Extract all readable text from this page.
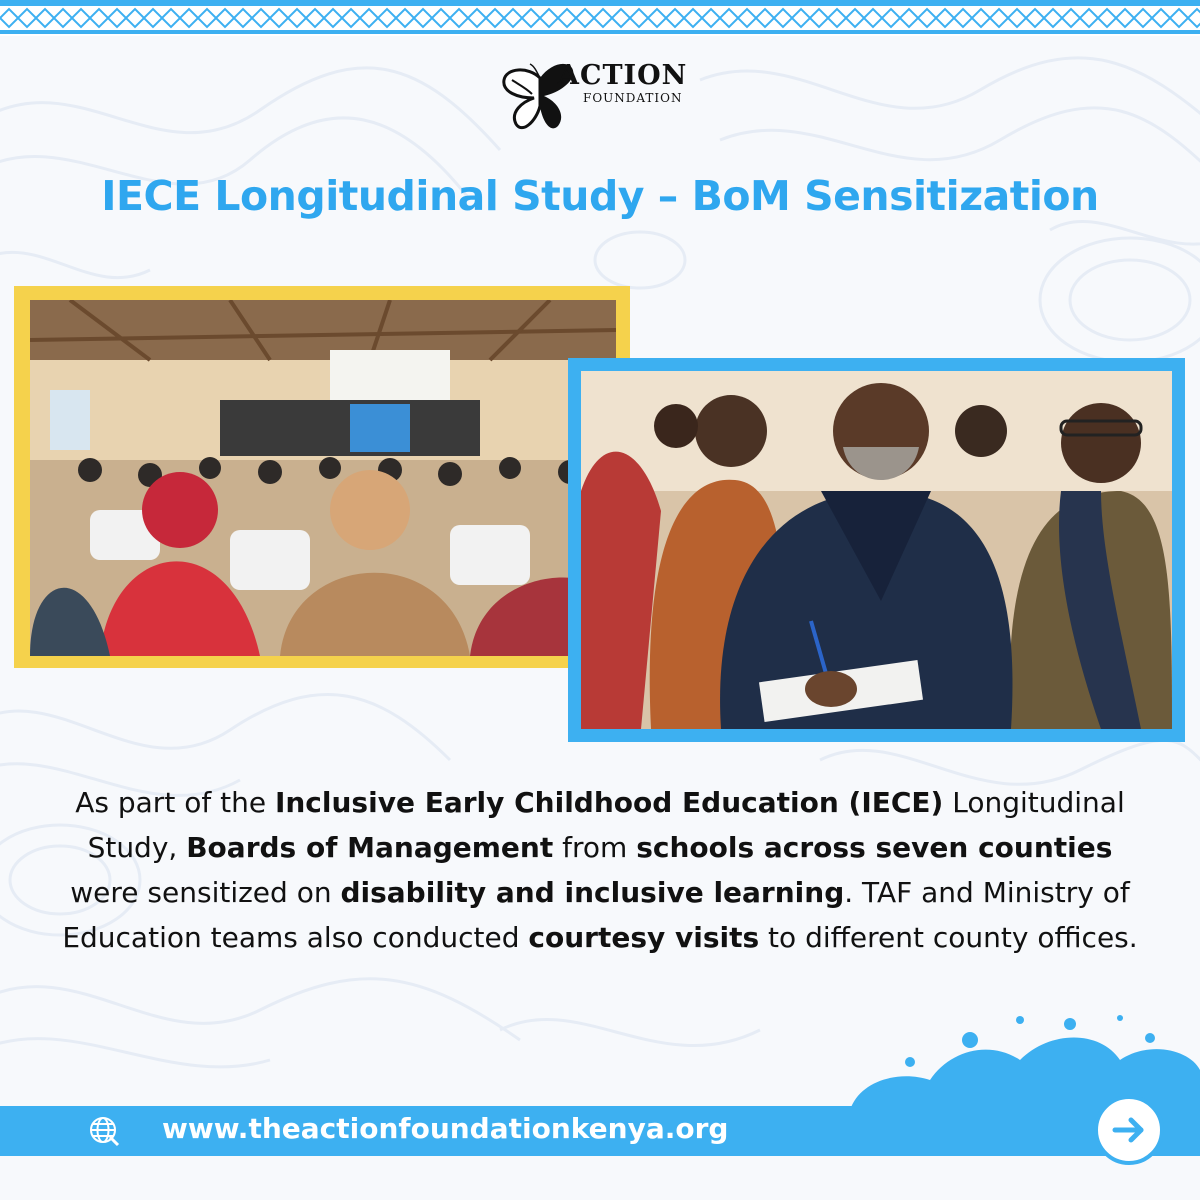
ACTION
FOUNDATION
IECE Longitudinal Study – BoM Sensitization
As part of the Inclusive Early Childhood Education (IECE) Longitudinal Study, Boards of Management from schools across seven counties were sensitized on disability and inclusive learning. TAF and Ministry of Education teams also conducted courtesy visits to different county offices.
www.theactionfoundationkenya.org
